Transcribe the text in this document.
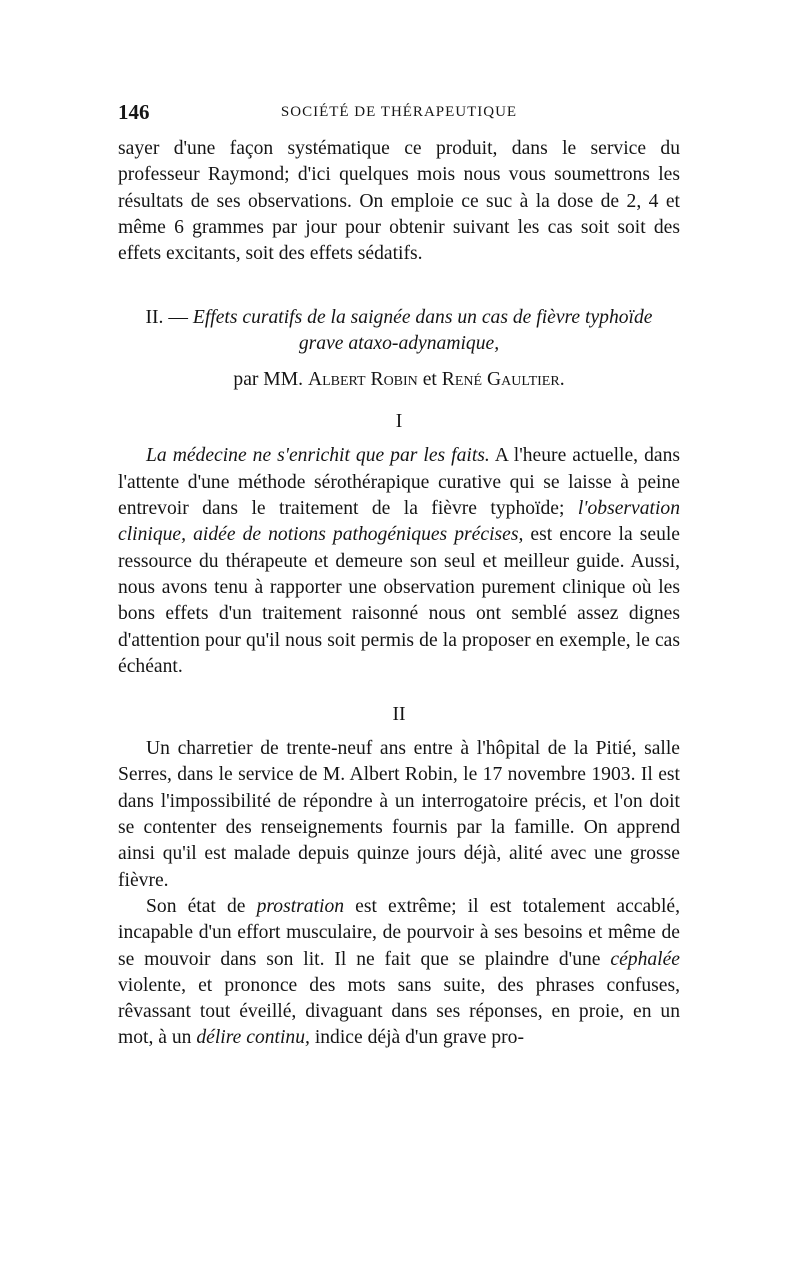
146	SOCIÉTÉ DE THÉRAPEUTIQUE

sayer d'une façon systématique ce produit, dans le service du professeur Raymond; d'ici quelques mois nous vous soumettrons les résultats de ses observations. On emploie ce suc à la dose de 2, 4 et même 6 grammes par jour pour obtenir suivant les cas soit soit des effets excitants, soit des effets sédatifs.

II. — Effets curatifs de la saignée dans un cas de fièvre typhoïde
grave ataxo-adynamique,
par MM. Albert Robin et René Gaultier.
I

La médecine ne s'enrichit que par les faits. A l'heure actuelle, dans l'attente d'une méthode sérothérapique curative qui se laisse à peine entrevoir dans le traitement de la fièvre typhoïde; l'observation clinique, aidée de notions pathogéniques précises, est encore la seule ressource du thérapeute et demeure son seul et meilleur guide. Aussi, nous avons tenu à rapporter une observation purement clinique où les bons effets d'un traitement raisonné nous ont semblé assez dignes d'attention pour qu'il nous soit permis de la proposer en exemple, le cas échéant.

II

Un charretier de trente-neuf ans entre à l'hôpital de la Pitié, salle Serres, dans le service de M. Albert Robin, le 17 novembre 1903. Il est dans l'impossibilité de répondre à un interrogatoire précis, et l'on doit se contenter des renseignements fournis par la famille. On apprend ainsi qu'il est malade depuis quinze jours déjà, alité avec une grosse fièvre.

Son état de prostration est extrême; il est totalement accablé, incapable d'un effort musculaire, de pourvoir à ses besoins et même de se mouvoir dans son lit. Il ne fait que se plaindre d'une céphalée violente, et prononce des mots sans suite, des phrases confuses, rêvassant tout éveillé, divaguant dans ses réponses, en proie, en un mot, à un délire continu, indice déjà d'un grave pro-
